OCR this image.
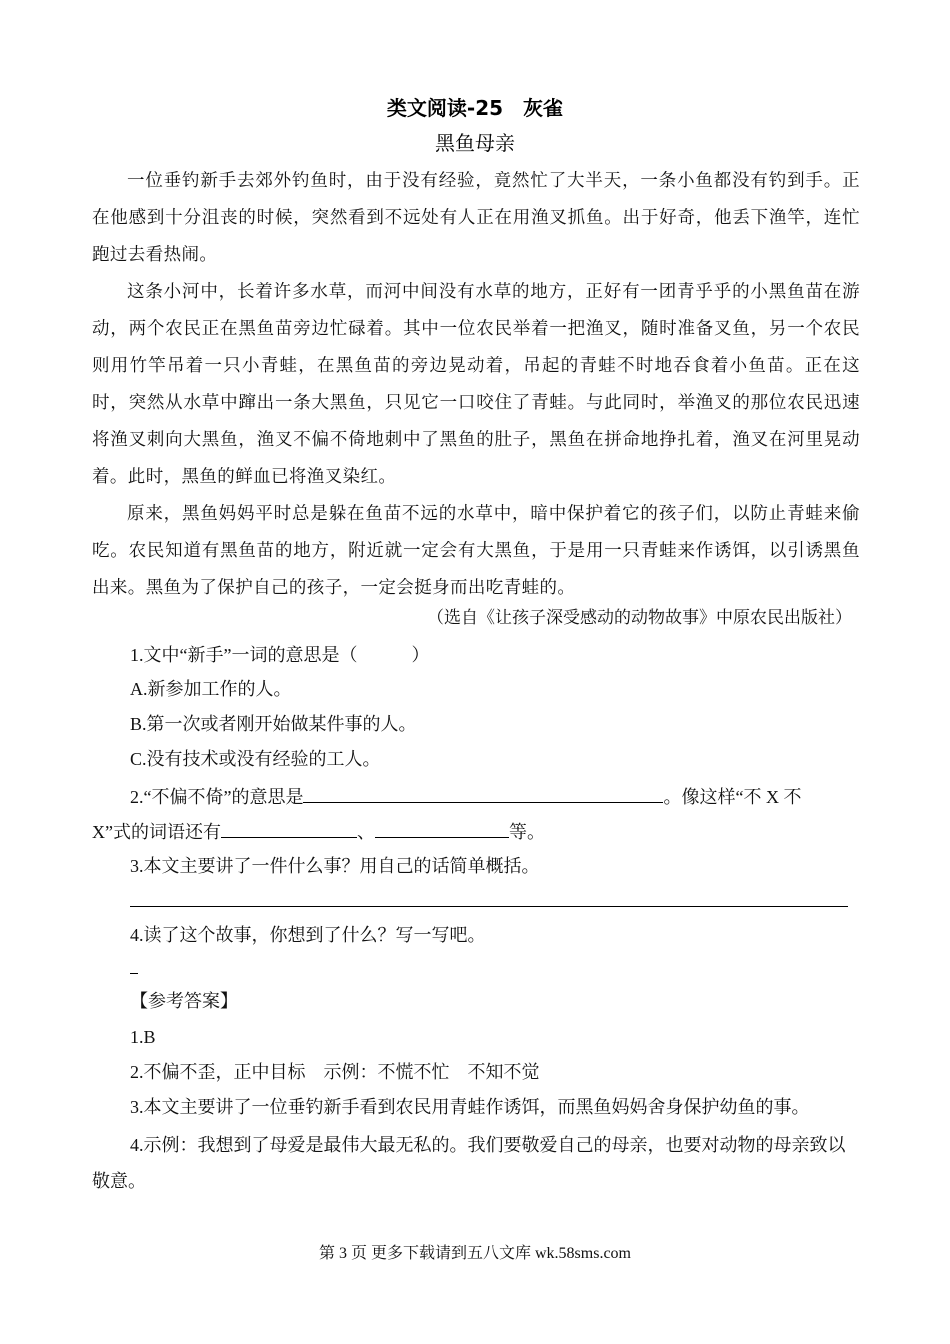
类文阅读-25　灰雀
黑鱼母亲

一位垂钓新手去郊外钓鱼时，由于没有经验，竟然忙了大半天，一条小鱼都没有钓到手。正在他感到十分沮丧的时候，突然看到不远处有人正在用渔叉抓鱼。出于好奇，他丢下渔竿，连忙跑过去看热闹。

这条小河中，长着许多水草，而河中间没有水草的地方，正好有一团青乎乎的小黑鱼苗在游动，两个农民正在黑鱼苗旁边忙碌着。其中一位农民举着一把渔叉，随时准备叉鱼，另一个农民则用竹竿吊着一只小青蛙，在黑鱼苗的旁边晃动着，吊起的青蛙不时地吞食着小鱼苗。正在这时，突然从水草中蹿出一条大黑鱼，只见它一口咬住了青蛙。与此同时，举渔叉的那位农民迅速将渔叉刺向大黑鱼，渔叉不偏不倚地刺中了黑鱼的肚子，黑鱼在拼命地挣扎着，渔叉在河里晃动着。此时，黑鱼的鲜血已将渔叉染红。

原来，黑鱼妈妈平时总是躲在鱼苗不远的水草中，暗中保护着它的孩子们，以防止青蛙来偷吃。农民知道有黑鱼苗的地方，附近就一定会有大黑鱼，于是用一只青蛙来作诱饵，以引诱黑鱼出来。黑鱼为了保护自己的孩子，一定会挺身而出吃青蛙的。

（选自《让孩子深受感动的动物故事》中原农民出版社）
1.文中“新手”一词的意思是（　　　）
A.新参加工作的人。
B.第一次或者刚开始做某件事的人。
C.没有技术或没有经验的工人。
2.“不偏不倚”的意思是	。像这样“不 X 不
X”式的词语还有	、	等。
3.本文主要讲了一件什么事？用自己的话简单概括。
4.读了这个故事，你想到了什么？写一写吧。
【参考答案】
1.B
2.不偏不歪，正中目标　示例：不慌不忙　不知不觉
3.本文主要讲了一位垂钓新手看到农民用青蛙作诱饵，而黑鱼妈妈舍身保护幼鱼的事。
4.示例：我想到了母爱是最伟大最无私的。我们要敬爱自己的母亲，也要对动物的母亲致以敬意。
第 3 页 更多下载请到五八文库 wk.58sms.com
